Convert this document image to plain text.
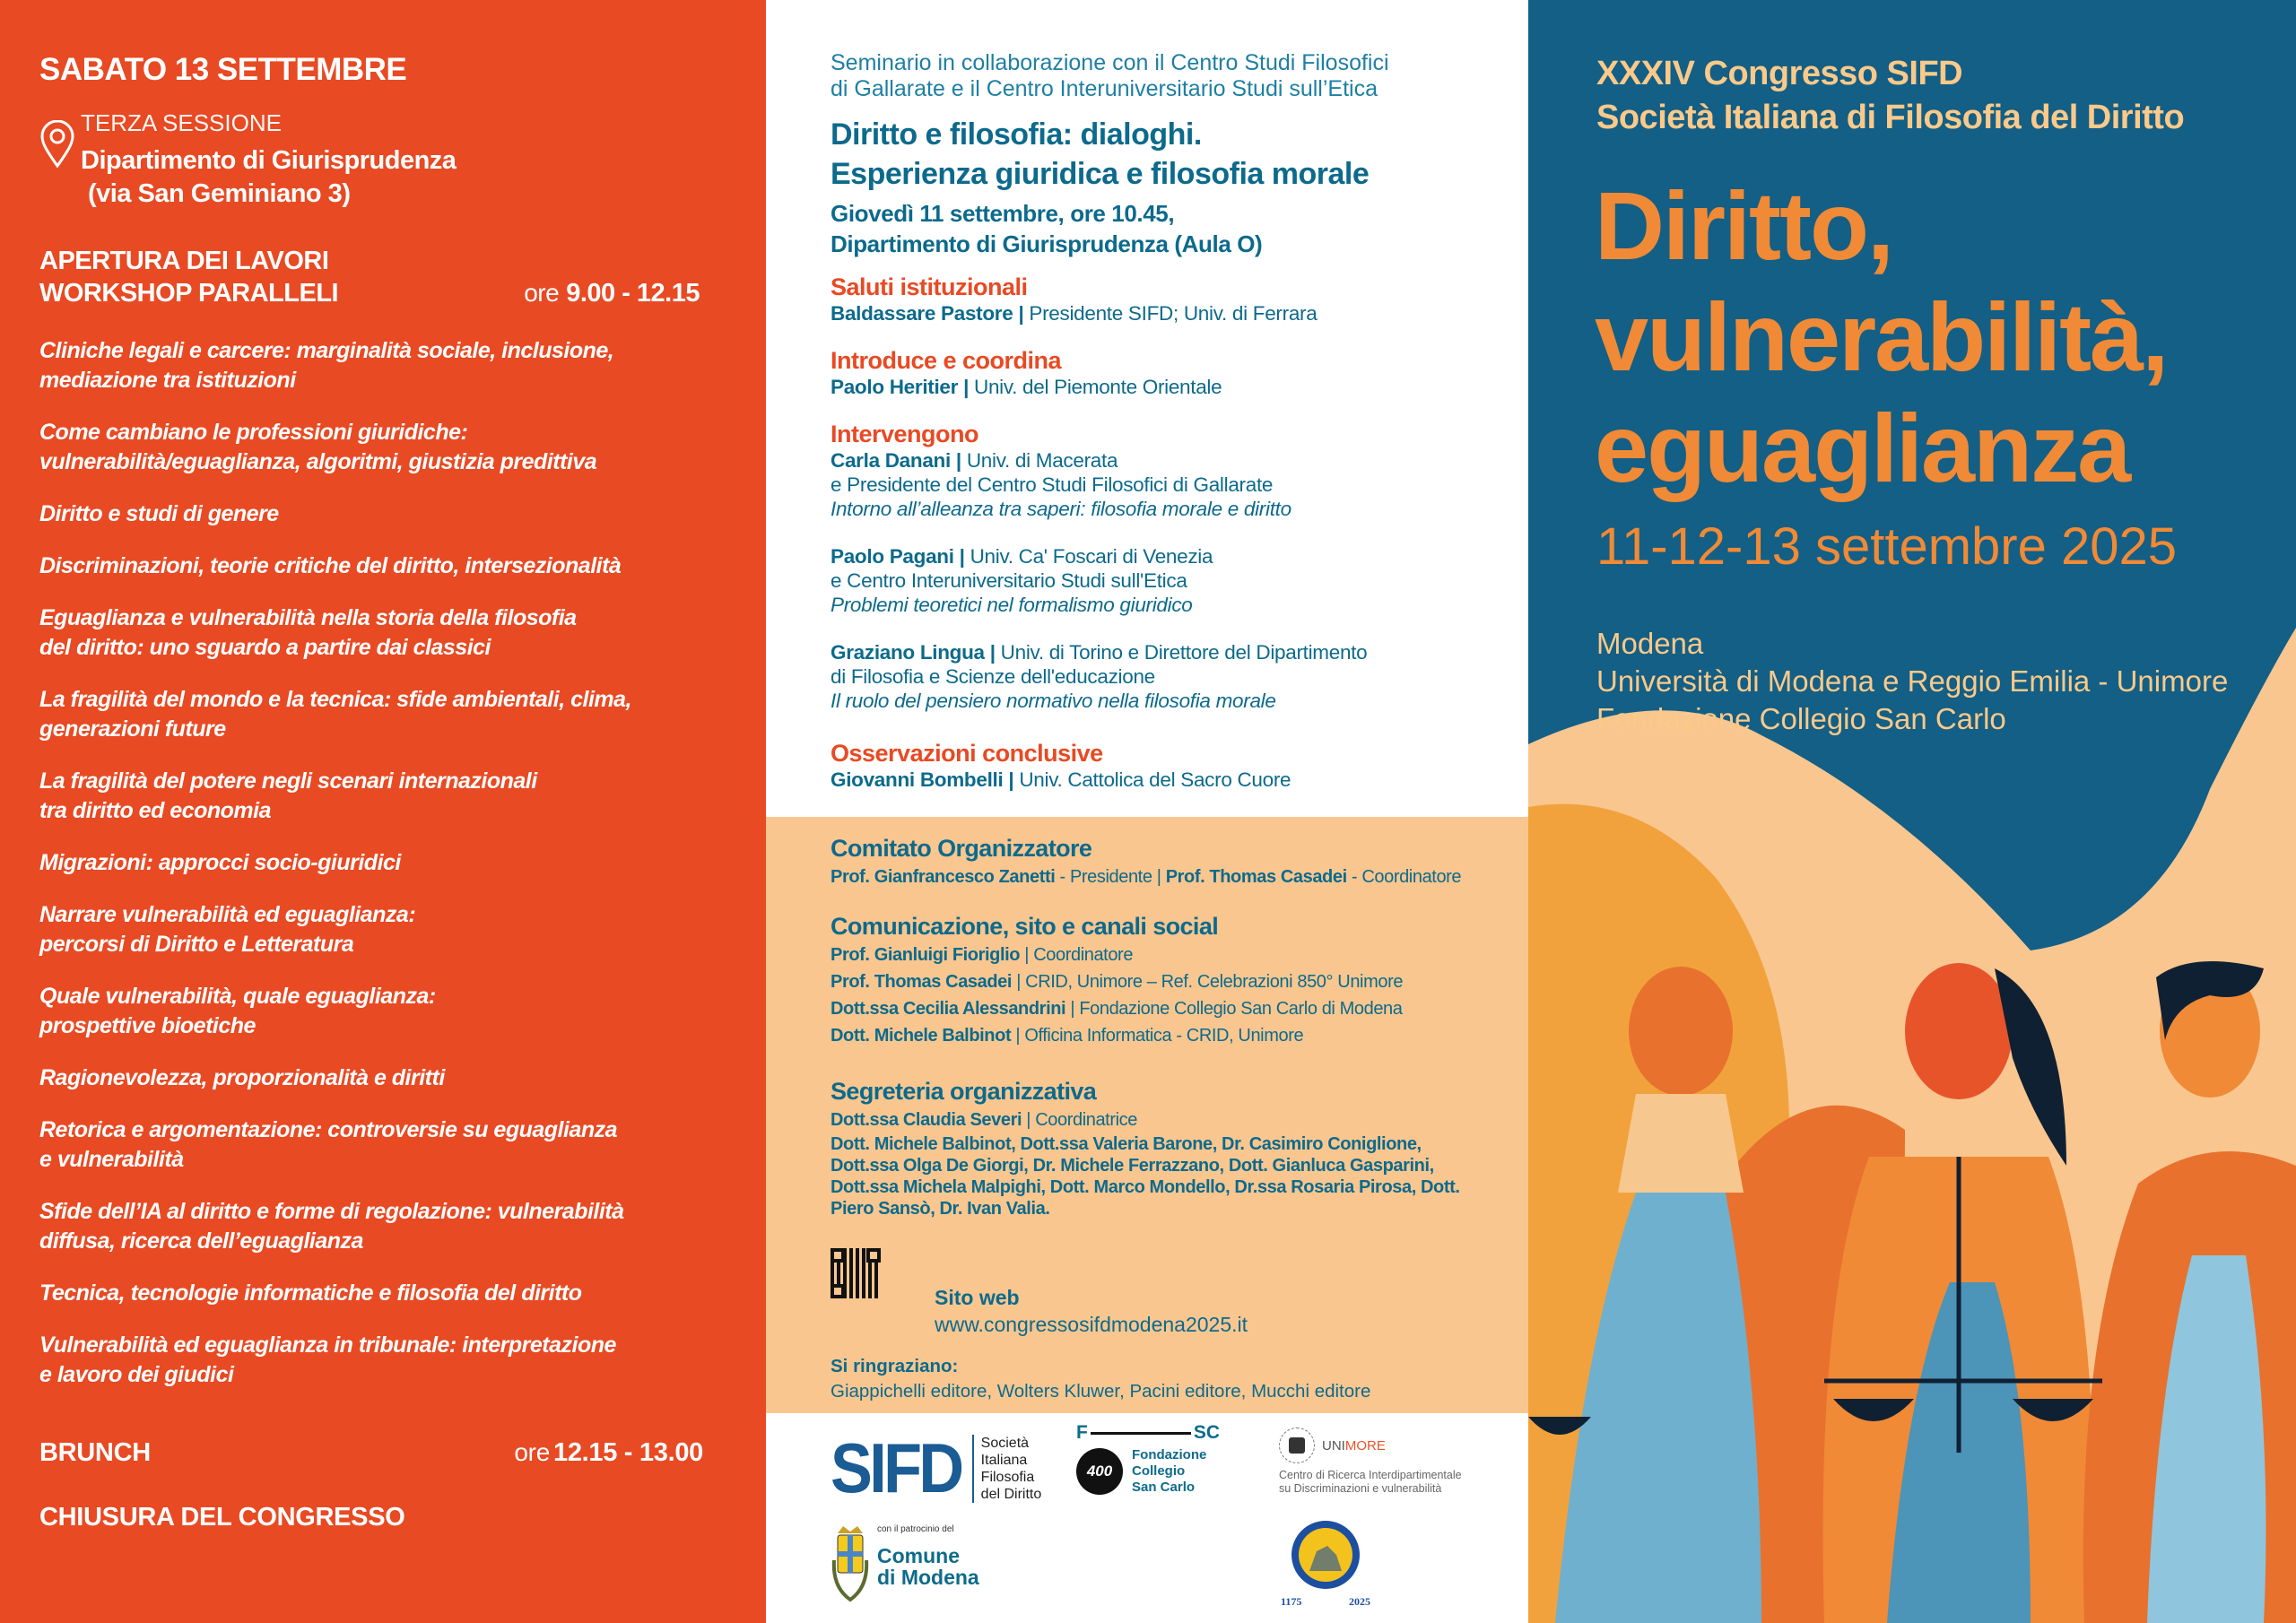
SABATO 13 SETTEMBRE
TERZA SESSIONE
Dipartimento di Giurisprudenza
(via San Geminiano 3)
APERTURA DEI LAVORI
WORKSHOP PARALLELI	ore 9.00 - 12.15
Cliniche legali e carcere: marginalità sociale, inclusione,
mediazione tra istituzioni
Come cambiano le professioni giuridiche:
vulnerabilità/eguaglianza, algoritmi, giustizia predittiva
Diritto e studi di genere
Discriminazioni, teorie critiche del diritto, intersezionalità
Eguaglianza e vulnerabilità nella storia della filosofia
del diritto: uno sguardo a partire dai classici
La fragilità del mondo e la tecnica: sfide ambientali, clima,
generazioni future
La fragilità del potere negli scenari internazionali
tra diritto ed economia
Migrazioni: approcci socio-giuridici
Narrare vulnerabilità ed eguaglianza:
percorsi di Diritto e Letteratura
Quale vulnerabilità, quale eguaglianza:
prospettive bioetiche
Ragionevolezza, proporzionalità e diritti
Retorica e argomentazione: controversie su eguaglianza
e vulnerabilità
Sfide dell’IA al diritto e forme di regolazione: vulnerabilità
diffusa, ricerca dell’eguaglianza
Tecnica, tecnologie informatiche e filosofia del diritto
Vulnerabilità ed eguaglianza in tribunale: interpretazione
e lavoro dei giudici
BRUNCH	ore 12.15 - 13.00
CHIUSURA DEL CONGRESSO
Seminario in collaborazione con il Centro Studi Filosofici
di Gallarate e il Centro Interuniversitario Studi sull’Etica
Diritto e filosofia: dialoghi.
Esperienza giuridica e filosofia morale
Giovedì 11 settembre, ore 10.45,
Dipartimento di Giurisprudenza (Aula O)
Saluti istituzionali

Baldassare Pastore | Presidente SIFD; Univ. di Ferrara

Introduce e coordina

Paolo Heritier | Univ. del Piemonte Orientale

Intervengono

Carla Danani | Univ. di Macerata

e Presidente del Centro Studi Filosofici di Gallarate

Intorno all’alleanza tra saperi: filosofia morale e diritto

Paolo Pagani | Univ. Ca' Foscari di Venezia

e Centro Interuniversitario Studi sull'Etica

Problemi teoretici nel formalismo giuridico

Graziano Lingua | Univ. di Torino e Direttore del Dipartimento

di Filosofia e Scienze dell'educazione

Il ruolo del pensiero normativo nella filosofia morale

Osservazioni conclusive

Giovanni Bombelli | Univ. Cattolica del Sacro Cuore

Comitato Organizzatore

Prof. Gianfrancesco Zanetti - Presidente | Prof. Thomas Casadei - Coordinatore

Comunicazione, sito e canali social

Prof. Gianluigi Fioriglio | Coordinatore

Prof. Thomas Casadei | CRID, Unimore – Ref. Celebrazioni 850° Unimore

Dott.ssa Cecilia Alessandrini | Fondazione Collegio San Carlo di Modena

Dott. Michele Balbinot | Officina Informatica - CRID, Unimore

Segreteria organizzativa

Dott.ssa Claudia Severi | Coordinatrice

Dott. Michele Balbinot, Dott.ssa Valeria Barone, Dr. Casimiro Coniglione, Dott.ssa Olga De Giorgi, Dr. Michele Ferrazzano, Dott. Gianluca Gasparini, Dott.ssa Michela Malpighi, Dott. Marco Mondello, Dr.ssa Rosaria Pirosa, Dott. Piero Sansò, Dr. Ivan Valia.

Sito web
www.congressosifdmodena2025.it
Si ringraziano:
Giappichelli editore, Wolters Kluwer, Pacini editore, Mucchi editore
SIFD Società
Italiana
Filosofia
del Diritto
F	SC
400
Fondazione
Collegio
San Carlo
UNIMORE
Centro di Ricerca Interdipartimentale
su Discriminazioni e vulnerabilità
con il patrocinio del
Comune
di Modena
1175	2025
XXXIV Congresso SIFD
Società Italiana di Filosofia del Diritto
Diritto,
vulnerabilità,
eguaglianza
11-12-13 settembre 2025
Modena
Università di Modena e Reggio Emilia - Unimore
Fondazione Collegio San Carlo
